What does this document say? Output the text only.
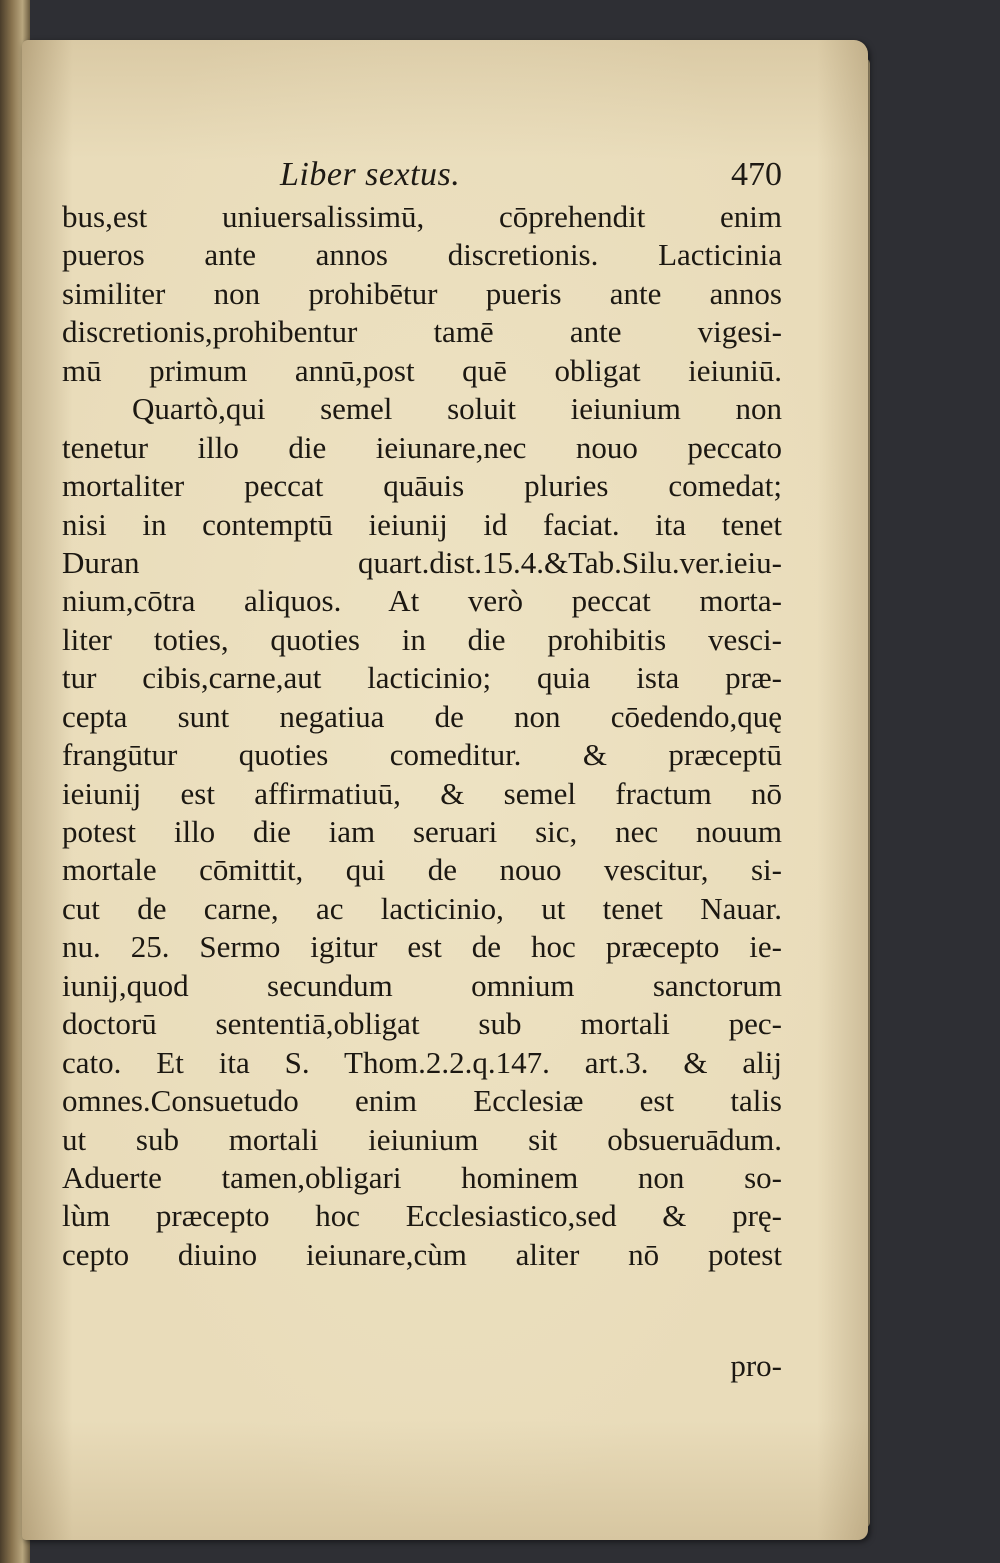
Liber sextus.	470
bus,est uniuersalissimū, cōprehendit enim
pueros ante annos discretionis. Lacticinia
similiter non prohibētur pueris ante annos
discretionis,prohibentur tamē ante vigesi-
mū primum annū,post quē obligat ieiuniū.
Quartò,qui semel soluit ieiunium non
tenetur illo die ieiunare,nec nouo peccato
mortaliter peccat quāuis pluries comedat;
nisi in contemptū ieiunij id faciat. ita tenet
Duran quart.dist.15.4.&Tab.Silu.ver.ieiu-
nium,cōtra aliquos. At verò peccat morta-
liter toties, quoties in die prohibitis vesci-
tur cibis,carne,aut lacticinio; quia ista præ-
cepta sunt negatiua de non cōedendo,quę
frangūtur quoties comeditur. & præceptū
ieiunij est affirmatiuū, & semel fractum nō
potest illo die iam seruari sic, nec nouum
mortale cōmittit, qui de nouo vescitur, si-
cut de carne, ac lacticinio, ut tenet Nauar.
nu. 25. Sermo igitur est de hoc præcepto ie-
iunij,quod secundum omnium sanctorum
doctorū sententiā,obligat sub mortali pec-
cato. Et ita S. Thom.2.2.q.147. art.3. & alij
omnes.Consuetudo enim Ecclesiæ est talis
ut sub mortali ieiunium sit obsueruādum.
Aduerte tamen,obligari hominem non so-
lùm præcepto hoc Ecclesiastico,sed & prę-
cepto diuino ieiunare,cùm aliter nō potest
pro-
